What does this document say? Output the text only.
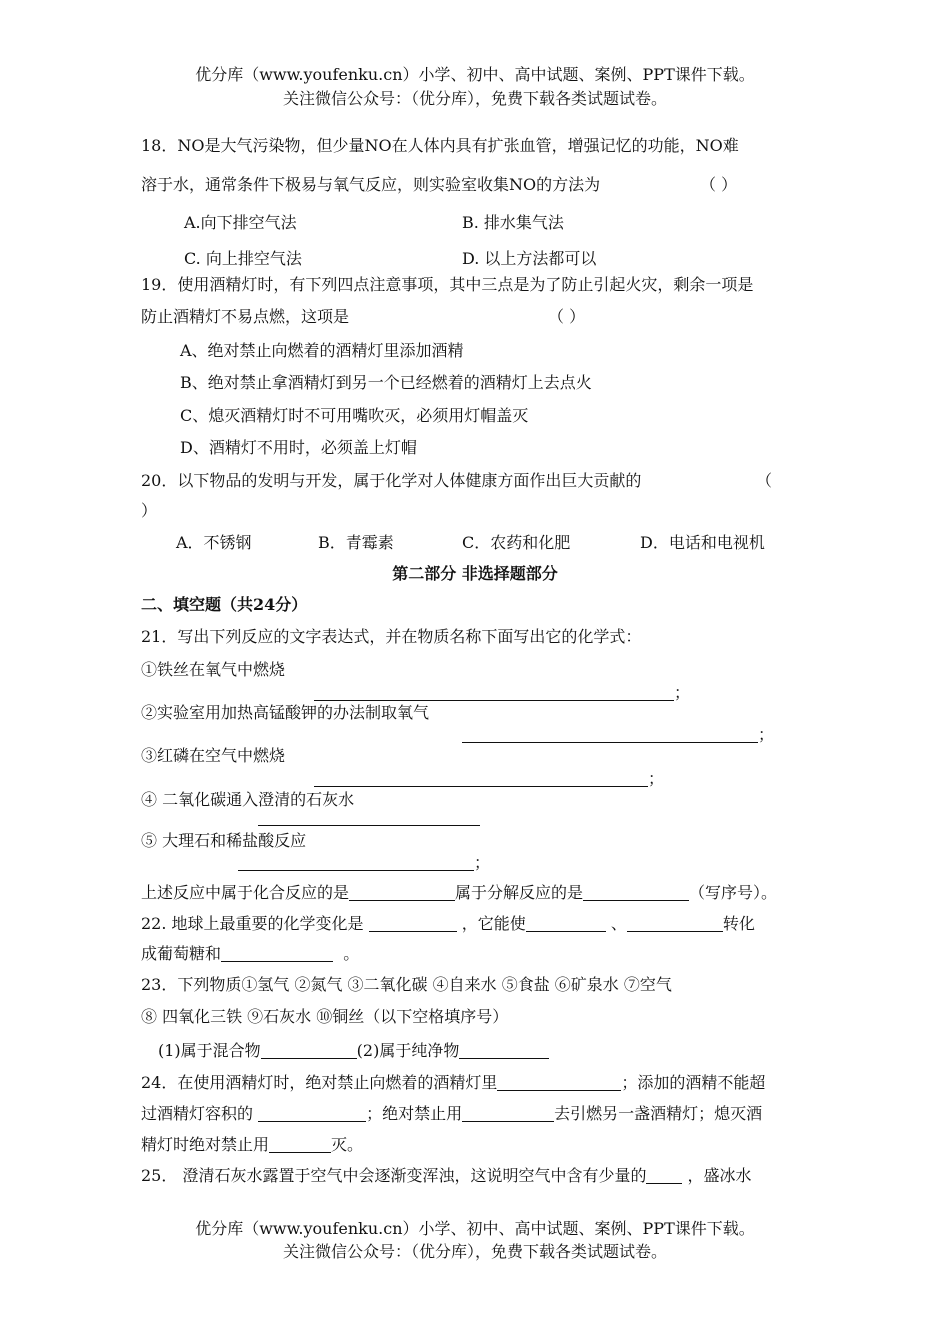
优分库（www.youfenku.cn）小学、初中、高中试题、案例、PPT课件下载。
关注微信公众号：（优分库），免费下载各类试题试卷。
18．NO是大气污染物，但少量NO在人体内具有扩张血管，增强记忆的功能，NO难
溶于水，通常条件下极易与氧气反应，则实验室收集NO的方法为	（ ）
A.向下排空气法	B. 排水集气法
C. 向上排空气法	D. 以上方法都可以
19．使用酒精灯时，有下列四点注意事项，其中三点是为了防止引起火灾，剩余一项是
防止酒精灯不易点燃，这项是	（ ）
A、绝对禁止向燃着的酒精灯里添加酒精
B、绝对禁止拿酒精灯到另一个已经燃着的酒精灯上去点火
C、熄灭酒精灯时不可用嘴吹灭，必须用灯帽盖灭
D、酒精灯不用时，必须盖上灯帽
20．以下物品的发明与开发，属于化学对人体健康方面作出巨大贡献的	（
）
A．不锈钢	B．青霉素	C．农药和化肥	D．电话和电视机
第二部分 非选择题部分
二、填空题（共24分）
21．写出下列反应的文字表达式，并在物质名称下面写出它的化学式：
①铁丝在氧气中燃烧
；
②实验室用加热高锰酸钾的办法制取氧气
；
③红磷在空气中燃烧
；
④ 二氧化碳通入澄清的石灰水
⑤ 大理石和稀盐酸反应
；
上述反应中属于化合反应的是	属于分解反应的是	（写序号）。
22. 地球上最重要的化学变化是	，它能使	、	转化
成葡萄糖和	。
23．下列物质①氢气 ②氮气 ③二氧化碳 ④自来水 ⑤食盐 ⑥矿泉水 ⑦空气
⑧ 四氧化三铁 ⑨石灰水 ⑩铜丝（以下空格填序号）
(1)属于混合物	(2)属于纯净物
24．在使用酒精灯时，绝对禁止向燃着的酒精灯里	；添加的酒精不能超
过酒精灯容积的	；绝对禁止用	去引燃另一盏酒精灯；熄灭酒
精灯时绝对禁止用	灭。
25． 澄清石灰水露置于空气中会逐渐变浑浊，这说明空气中含有少量的	，盛冰水
优分库（www.youfenku.cn）小学、初中、高中试题、案例、PPT课件下载。
关注微信公众号：（优分库），免费下载各类试题试卷。
